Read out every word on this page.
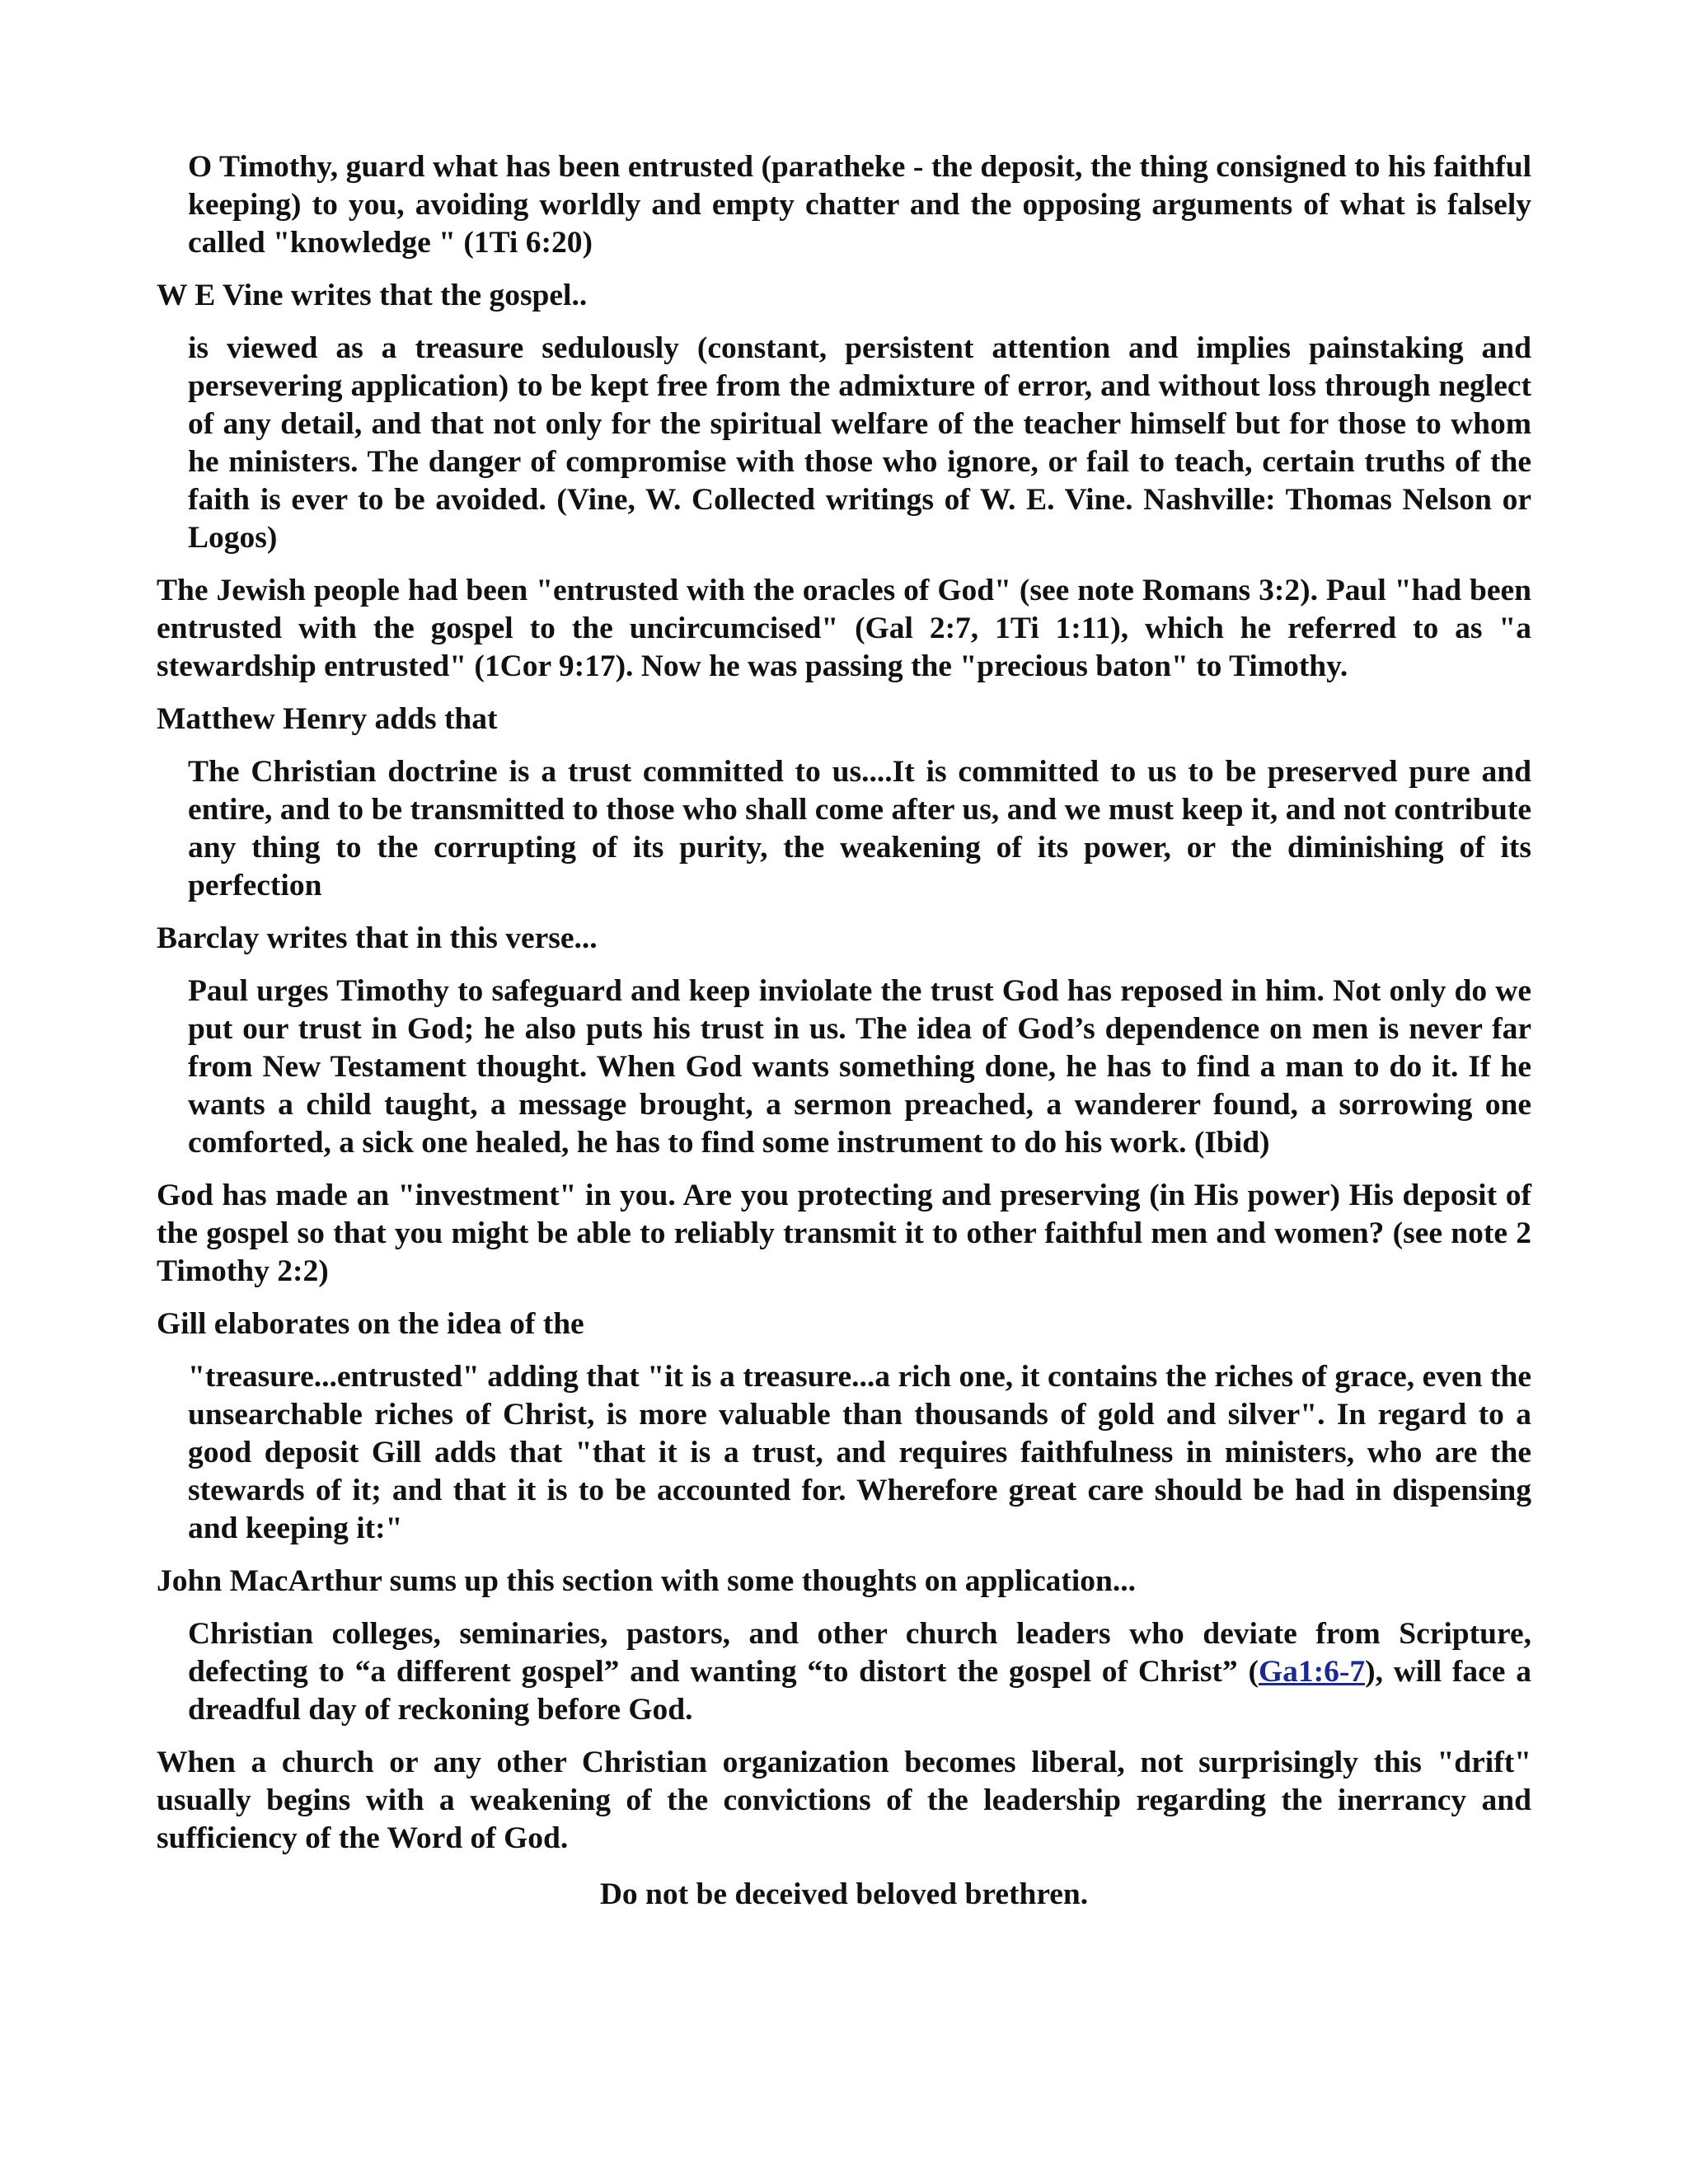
O Timothy, guard what has been entrusted (paratheke - the deposit, the thing consigned to his faithful keeping) to you, avoiding worldly and empty chatter and the opposing arguments of what is falsely called "knowledge " (1Ti 6:20)

W E Vine writes that the gospel..

is viewed as a treasure sedulously (constant, persistent attention and implies painstaking and persevering application) to be kept free from the admixture of error, and without loss through neglect of any detail, and that not only for the spiritual welfare of the teacher himself but for those to whom he ministers. The danger of compromise with those who ignore, or fail to teach, certain truths of the faith is ever to be avoided. (Vine, W. Collected writings of W. E. Vine. Nashville: Thomas Nelson or Logos)

The Jewish people had been "entrusted with the oracles of God" (see note Romans 3:2). Paul "had been entrusted with the gospel to the uncircumcised" (Gal 2:7, 1Ti 1:11), which he referred to as "a stewardship entrusted" (1Cor 9:17). Now he was passing the "precious baton" to Timothy.

Matthew Henry adds that

The Christian doctrine is a trust committed to us....It is committed to us to be preserved pure and entire, and to be transmitted to those who shall come after us, and we must keep it, and not contribute any thing to the corrupting of its purity, the weakening of its power, or the diminishing of its perfection

Barclay writes that in this verse...

Paul urges Timothy to safeguard and keep inviolate the trust God has reposed in him. Not only do we put our trust in God; he also puts his trust in us. The idea of God’s dependence on men is never far from New Testament thought. When God wants something done, he has to find a man to do it. If he wants a child taught, a message brought, a sermon preached, a wanderer found, a sorrowing one comforted, a sick one healed, he has to find some instrument to do his work. (Ibid)

God has made an "investment" in you. Are you protecting and preserving (in His power) His deposit of the gospel so that you might be able to reliably transmit it to other faithful men and women? (see note 2 Timothy 2:2)

Gill elaborates on the idea of the

"treasure...entrusted" adding that "it is a treasure...a rich one, it contains the riches of grace, even the unsearchable riches of Christ, is more valuable than thousands of gold and silver". In regard to a good deposit Gill adds that "that it is a trust, and requires faithfulness in ministers, who are the stewards of it; and that it is to be accounted for. Wherefore great care should be had in dispensing and keeping it:"

John MacArthur sums up this section with some thoughts on application...

Christian colleges, seminaries, pastors, and other church leaders who deviate from Scripture, defecting to “a different gospel” and wanting “to distort the gospel of Christ” (Ga1:6-7), will face a dreadful day of reckoning before God.

When a church or any other Christian organization becomes liberal, not surprisingly this "drift" usually begins with a weakening of the convictions of the leadership regarding the inerrancy and sufficiency of the Word of God.

Do not be deceived beloved brethren.
